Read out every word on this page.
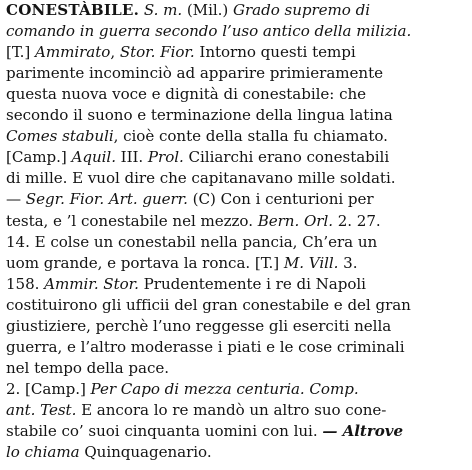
CONESTÀBILE. S. m. (Mil.) Grado supremo di
comando in guerra secondo l’uso antico della milizia.
[T.] Ammirato, Stor. Fior. Intorno questi tempi
parimente incominciò ad apparire primieramente
questa nuova voce e dignità di conestabile: che
secondo il suono e terminazione della lingua latina
Comes stabuli, cioè conte della stalla fu chiamato.
[Camp.] Aquil. III. Prol. Ciliarchi erano conestabili
di mille. E vuol dire che capitanavano mille soldati.
— Segr. Fior. Art. guerr. (C) Con i centurioni per
testa, e ’l conestabile nel mezzo. Bern. Orl. 2. 27.
14. E colse un conestabil nella pancia, Ch’era un
uom grande, e portava la ronca. [T.] M. Vill. 3.
158. Ammir. Stor. Prudentemente i re di Napoli
costituirono gli ufficii del gran conestabile e del gran
giustiziere, perchè l’uno reggesse gli eserciti nella
guerra, e l’altro moderasse i piati e le cose criminali
nel tempo della pace.
2. [Camp.] Per Capo di mezza centuria. Comp.
ant. Test. E ancora lo re mandò un altro suo cone-
stabile co’ suoi cinquanta uomini con lui. — Altrove
lo chiama Quinquagenario.
